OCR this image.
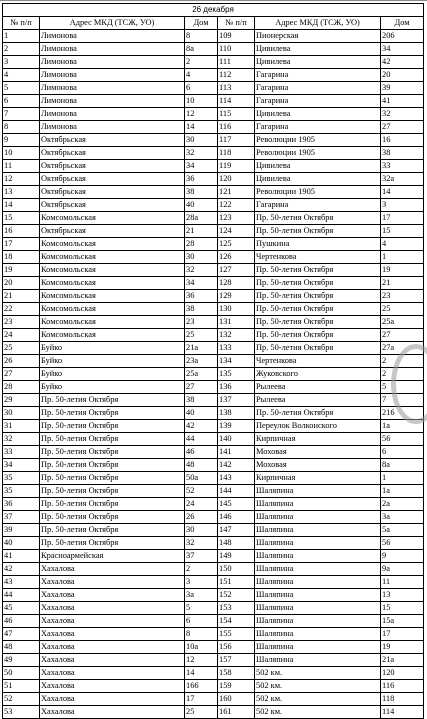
26 декабря					
№ п/п	Адрес МКД (ТСЖ, УО)	Дом	№ п/п	Адрес МКД (ТСЖ, УО)	Дом
1	Лимонова	8	109	Пионерская	206
2	Лимонова	8а	110	Цивилева	34
3	Лимонова	2	111	Цивилева	42
4	Лимонова	4	112	Гагарина	20
5	Лимонова	6	113	Гагарина	39
6	Лимонова	10	114	Гагарина	41
7	Лимонова	12	115	Цивилева	32
8	Лимонова	14	116	Гагарина	27
9	Октябрьская	30	117	Революции 1905	16
10	Октябрьская	32	118	Революции 1905	38
11	Октябрьская	34	119	Цивилева	33
12	Октябрьская	36	120	Цивилева	32а
13	Октябрьская	38	121	Революции 1905	14
14	Октябрьская	40	122	Гагарина	3
15	Комсомольская	28а	123	Пр. 50-летия Октября	17
16	Октябрьская	21	124	Пр. 50-летия Октября	15
17	Комсомольская	28	125	Пушкина	4
18	Комсомольская	30	126	Чертенкова	1
19	Комсомольская	32	127	Пр. 50-летия Октября	19
20	Комсомольская	34	128	Пр. 50-летия Октября	21
21	Комсомольская	36	129	Пр. 50-летия Октября	23
22	Комсомольская	38	130	Пр. 50-летия Октября	25
23	Комсомольская	23	131	Пр. 50-летия Октября	25а
24	Комсомольская	25	132	Пр. 50-летия Октября	27
25	Буйко	21а	133	Пр. 50-летия Октября	27а
26	Буйко	23а	134	Чертенкова	2
27	Буйко	25а	135	Жуковского	2
28	Буйко	27	136	Рылеева	5
29	Пр. 50-летия Октября	38	137	Рылеева	7
30	Пр. 50-летия Октября	40	138	Пр. 50-летия Октября	216
31	Пр. 50-летия Октября	42	139	Переулок Волконского	1а
32	Пр. 50-летия Октября	44	140	Кирпичная	56
33	Пр. 50-летия Октября	46	141	Моховая	6
34	Пр. 50-летия Октября	48	142	Моховая	8а
35	Пр. 50-летия Октября	50а	143	Кирпичная	1
35	Пр. 50-летия Октября	52	144	Шаляпина	1а
36	Пр. 50-летия Октября	24	145	Шаляпина	2а
37	Пр. 50-летия Октября	26	146	Шаляпина	3а
39	Пр. 50-летия Октября	30	147	Шаляпина	5а
40	Пр. 50-летия Октября	32	148	Шаляпина	56
41	Красноармейская	37	149	Шаляпина	9
42	Хахалова	2	150	Шаляпина	9а
43	Хахалова	3	151	Шаляпина	11
44	Хахалова	3а	152	Шаляпина	13
45	Хахалова	5	153	Шаляпина	15
46	Хахалова	6	154	Шаляпина	15а
47	Хахалова	8	155	Шаляпина	17
48	Хахалова	10а	156	Шаляпина	19
49	Хахалова	12	157	Шаляпина	21а
50	Хахалова	14	158	502 км.	120
51	Хахалова	166	159	502 км.	116
52	Хахалова	17	160	502 км.	118
53	Хахалова	25	161	502 км.	114
